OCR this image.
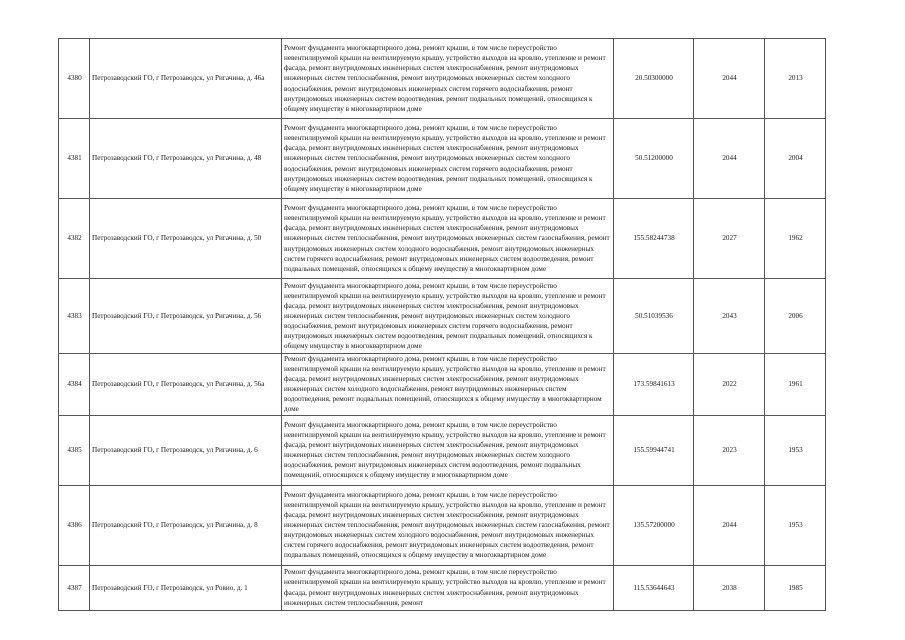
4380	Петрозаводский ГО, г Петрозаводск, ул Ригачина, д. 46а	Ремонт фундамента многоквартирного дома, ремонт крыши, в том числе переустройство невентилируемой крыши на вентилируемую крышу, устройство выходов на кровлю, утепление и ремонт фасада, ремонт внутридомовых инженерных систем электроснабжения, ремонт внутридомовых инженерных систем теплоснабжения, ремонт внутридомовых инженерных систем холодного водоснабжения, ремонт внутридомовых инженерных систем горячего водоснабжения, ремонт внутридомовых инженерных систем водоотведения, ремонт подвальных помещений, относящихся к общему имуществу в многоквартирном доме	20.50300000	2044	2013
4381	Петрозаводский ГО, г Петрозаводск, ул Ригачина, д. 48	Ремонт фундамента многоквартирного дома, ремонт крыши, в том числе переустройство невентилируемой крыши на вентилируемую крышу, устройство выходов на кровлю, утепление и ремонт фасада, ремонт внутридомовых инженерных систем электроснабжения, ремонт внутридомовых инженерных систем теплоснабжения, ремонт внутридомовых инженерных систем холодного водоснабжения, ремонт внутридомовых инженерных систем горячего водоснабжения, ремонт внутридомовых инженерных систем водоотведения, ремонт подвальных помещений, относящихся к общему имуществу в многоквартирном доме	50.51200000	2044	2004
4382	Петрозаводский ГО, г Петрозаводск, ул Ригачина, д. 50	Ремонт фундамента многоквартирного дома, ремонт крыши, в том числе переустройство невентилируемой крыши на вентилируемую крышу, устройство выходов на кровлю, утепление и ремонт фасада, ремонт внутридомовых инженерных систем электроснабжения, ремонт внутридомовых инженерных систем теплоснабжения, ремонт внутридомовых инженерных систем газоснабжения, ремонт внутридомовых инженерных систем холодного водоснабжения, ремонт внутридомовых инженерных систем горячего водоснабжения, ремонт внутридомовых инженерных систем водоотведения, ремонт подвальных помещений, относящихся к общему имуществу в многоквартирном доме	155.58244738	2027	1962
4383	Петрозаводский ГО, г Петрозаводск, ул Ригачина, д. 56	Ремонт фундамента многоквартирного дома, ремонт крыши, в том числе переустройство невентилируемой крыши на вентилируемую крышу, устройство выходов на кровлю, утепление и ремонт фасада, ремонт внутридомовых инженерных систем электроснабжения, ремонт внутридомовых инженерных систем теплоснабжения, ремонт внутридомовых инженерных систем холодного водоснабжения, ремонт внутридомовых инженерных систем горячего водоснабжения, ремонт внутридомовых инженерных систем водоотведения, ремонт подвальных помещений, относящихся к общему имуществу в многоквартирном доме	50.51039536	2043	2006
4384	Петрозаводский ГО, г Петрозаводск, ул Ригачина, д. 56а	Ремонт фундамента многоквартирного дома, ремонт крыши, в том числе переустройство невентилируемой крыши на вентилируемую крышу, устройство выходов на кровлю, утепление и ремонт фасада, ремонт внутридомовых инженерных систем электроснабжения, ремонт внутридомовых инженерных систем холодного водоснабжения, ремонт внутридомовых инженерных систем водоотведения, ремонт подвальных помещений, относящихся к общему имуществу в многоквартирном доме	173.59841613	2022	1961
4385	Петрозаводский ГО, г Петрозаводск, ул Ригачина, д. 6	Ремонт фундамента многоквартирного дома, ремонт крыши, в том числе переустройство невентилируемой крыши на вентилируемую крышу, устройство выходов на кровлю, утепление и ремонт фасада, ремонт внутридомовых инженерных систем электроснабжения, ремонт внутридомовых инженерных систем теплоснабжения, ремонт внутридомовых инженерных систем холодного водоснабжения, ремонт внутридомовых инженерных систем водоотведения, ремонт подвальных помещений, относящихся к общему имуществу в многоквартирном доме	155.59944741	2023	1953
4386	Петрозаводский ГО, г Петрозаводск, ул Ригачина, д. 8	Ремонт фундамента многоквартирного дома, ремонт крыши, в том числе переустройство невентилируемой крыши на вентилируемую крышу, устройство выходов на кровлю, утепление и ремонт фасада, ремонт внутридомовых инженерных систем электроснабжения, ремонт внутридомовых инженерных систем теплоснабжения, ремонт внутридомовых инженерных систем газоснабжения, ремонт внутридомовых инженерных систем холодного водоснабжения, ремонт внутридомовых инженерных систем горячего водоснабжения, ремонт внутридомовых инженерных систем водоотведения, ремонт подвальных помещений, относящихся к общему имуществу в многоквартирном доме	135.57200000	2044	1953
4387	Петрозаводский ГО, г Петрозаводск, ул Ровио, д. 1	Ремонт фундамента многоквартирного дома, ремонт крыши, в том числе переустройство невентилируемой крыши на вентилируемую крышу, устройство выходов на кровлю, утепление и ремонт фасада, ремонт внутридомовых инженерных систем электроснабжения, ремонт внутридомовых инженерных систем теплоснабжения, ремонт	115.53644643	2038	1985
